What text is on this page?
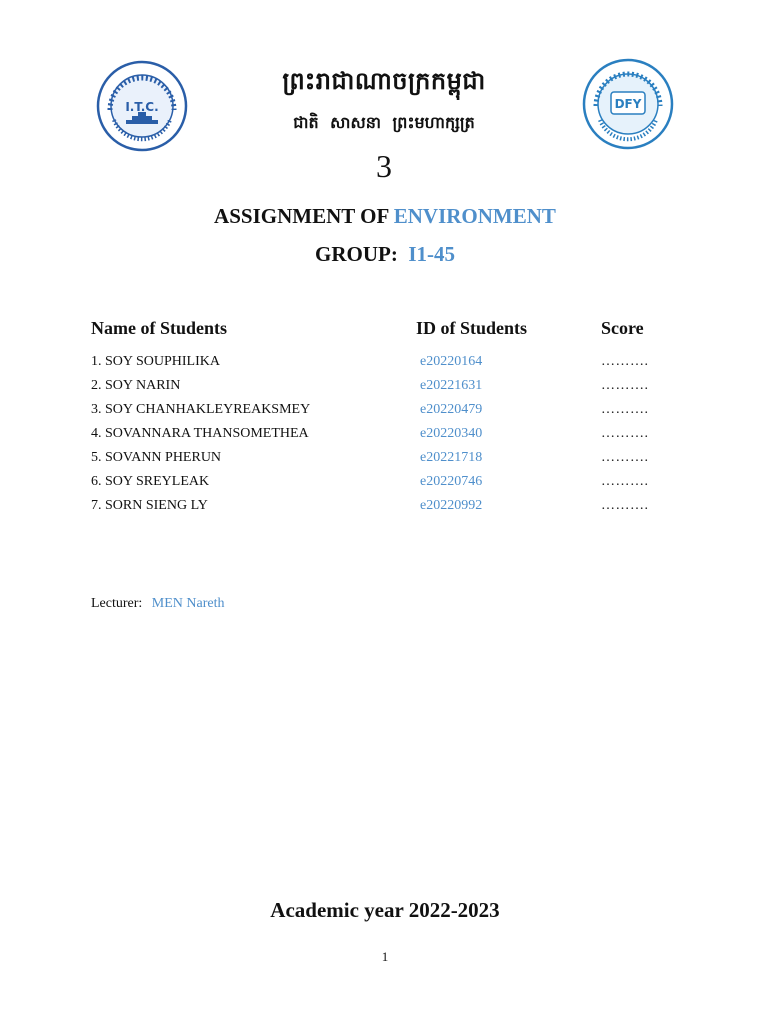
I.T.C.	DFY
ព្រះរាជាណាចក្រកម្ពុជា
ជាតិ សាសនា ព្រះមហាក្សត្រ
3
ASSIGNMENT OF ENVIRONMENT
GROUP: I1-45
Name of Students	ID of Students	Score
1. SOY SOUPHILIKA	e20220164	……….
2. SOY NARIN	e20221631	……….
3. SOY CHANHAKLEYREAKSMEY	e20220479	……….
4. SOVANNARA THANSOMETHEA	e20220340	……….
5. SOVANN PHERUN	e20221718	……….
6. SOY SREYLEAK	e20220746	……….
7. SORN SIENG LY	e20220992	……….
Lecturer: MEN Nareth
Academic year 2022-2023
1
